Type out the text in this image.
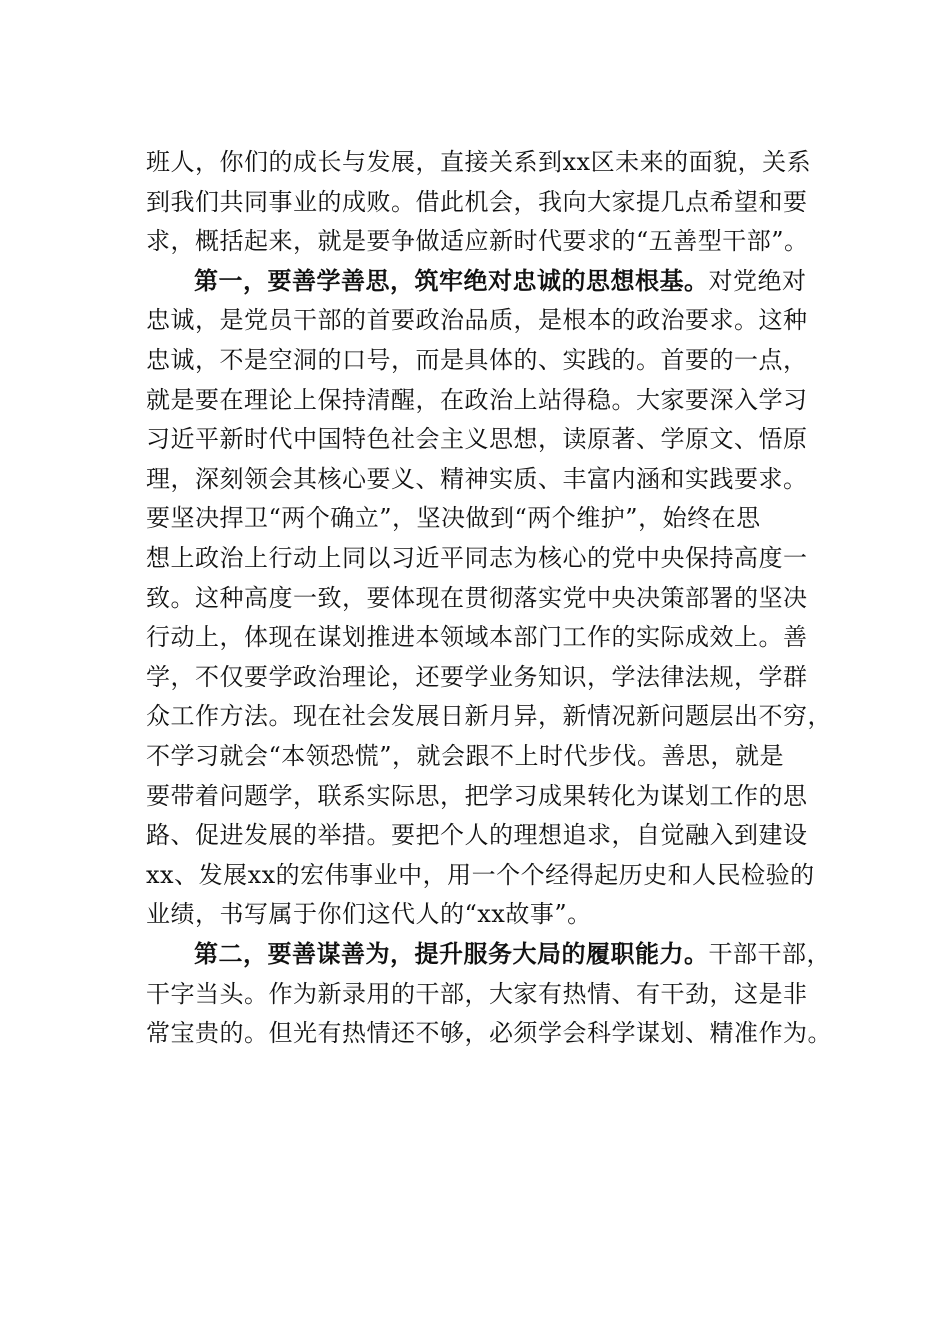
班人，你们的成长与发展，直接关系到xx区未来的面貌，关系
到我们共同事业的成败。借此机会，我向大家提几点希望和要
求，概括起来，就是要争做适应新时代要求的“五善型干部”。
第一，要善学善思，筑牢绝对忠诚的思想根基。对党绝对
忠诚，是党员干部的首要政治品质，是根本的政治要求。这种
忠诚，不是空洞的口号，而是具体的、实践的。首要的一点，
就是要在理论上保持清醒，在政治上站得稳。大家要深入学习
习近平新时代中国特色社会主义思想，读原著、学原文、悟原
理，深刻领会其核心要义、精神实质、丰富内涵和实践要求。
要坚决捍卫“两个确立”，坚决做到“两个维护”，始终在思
想上政治上行动上同以习近平同志为核心的党中央保持高度一
致。这种高度一致，要体现在贯彻落实党中央决策部署的坚决
行动上，体现在谋划推进本领域本部门工作的实际成效上。善
学，不仅要学政治理论，还要学业务知识，学法律法规，学群
众工作方法。现在社会发展日新月异，新情况新问题层出不穷，
不学习就会“本领恐慌”，就会跟不上时代步伐。善思，就是
要带着问题学，联系实际思，把学习成果转化为谋划工作的思
路、促进发展的举措。要把个人的理想追求，自觉融入到建设
xx、发展xx的宏伟事业中，用一个个经得起历史和人民检验的
业绩，书写属于你们这代人的“xx故事”。
第二，要善谋善为，提升服务大局的履职能力。干部干部，
干字当头。作为新录用的干部，大家有热情、有干劲，这是非
常宝贵的。但光有热情还不够，必须学会科学谋划、精准作为。
